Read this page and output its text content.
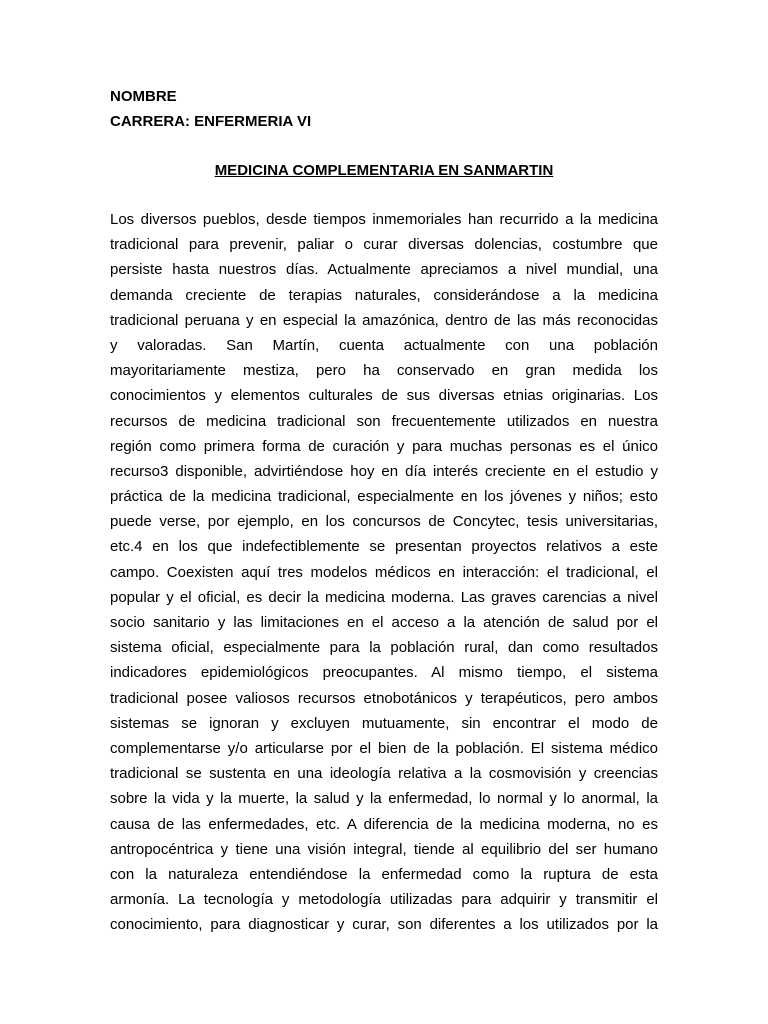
NOMBRE
CARRERA: ENFERMERIA VI
MEDICINA COMPLEMENTARIA EN SANMARTIN
Los diversos pueblos, desde tiempos inmemoriales han recurrido a la medicina
tradicional para prevenir, paliar o curar diversas dolencias, costumbre que
persiste hasta nuestros días. Actualmente apreciamos a nivel mundial, una
demanda creciente de terapias naturales, considerándose a la medicina
tradicional peruana y en especial la amazónica, dentro de las más reconocidas
y valoradas. San Martín, cuenta actualmente con una población
mayoritariamente mestiza, pero ha conservado en gran medida los
conocimientos y elementos culturales de sus diversas etnias originarias. Los
recursos de medicina tradicional son frecuentemente utilizados en nuestra
región como primera forma de curación y para muchas personas es el único
recurso3 disponible, advirtiéndose hoy en día interés creciente en el estudio y
práctica de la medicina tradicional, especialmente en los jóvenes y niños; esto
puede verse, por ejemplo, en los concursos de Concytec, tesis universitarias,
etc.4 en los que indefectiblemente se presentan proyectos relativos a este
campo. Coexisten aquí tres modelos médicos en interacción: el tradicional, el
popular y el oficial, es decir la medicina moderna. Las graves carencias a nivel
socio sanitario y las limitaciones en el acceso a la atención de salud por el
sistema oficial, especialmente para la población rural, dan como resultados
indicadores epidemiológicos preocupantes. Al mismo tiempo, el sistema
tradicional posee valiosos recursos etnobotánicos y terapéuticos, pero ambos
sistemas se ignoran y excluyen mutuamente, sin encontrar el modo de
complementarse y/o articularse por el bien de la población. El sistema médico
tradicional se sustenta en una ideología relativa a la cosmovisión y creencias
sobre la vida y la muerte, la salud y la enfermedad, lo normal y lo anormal, la
causa de las enfermedades, etc. A diferencia de la medicina moderna, no es
antropocéntrica y tiene una visión integral, tiende al equilibrio del ser humano
con la naturaleza entendiéndose la enfermedad como la ruptura de esta
armonía. La tecnología y metodología utilizadas para adquirir y transmitir el
conocimiento, para diagnosticar y curar, son diferentes a los utilizados por la
